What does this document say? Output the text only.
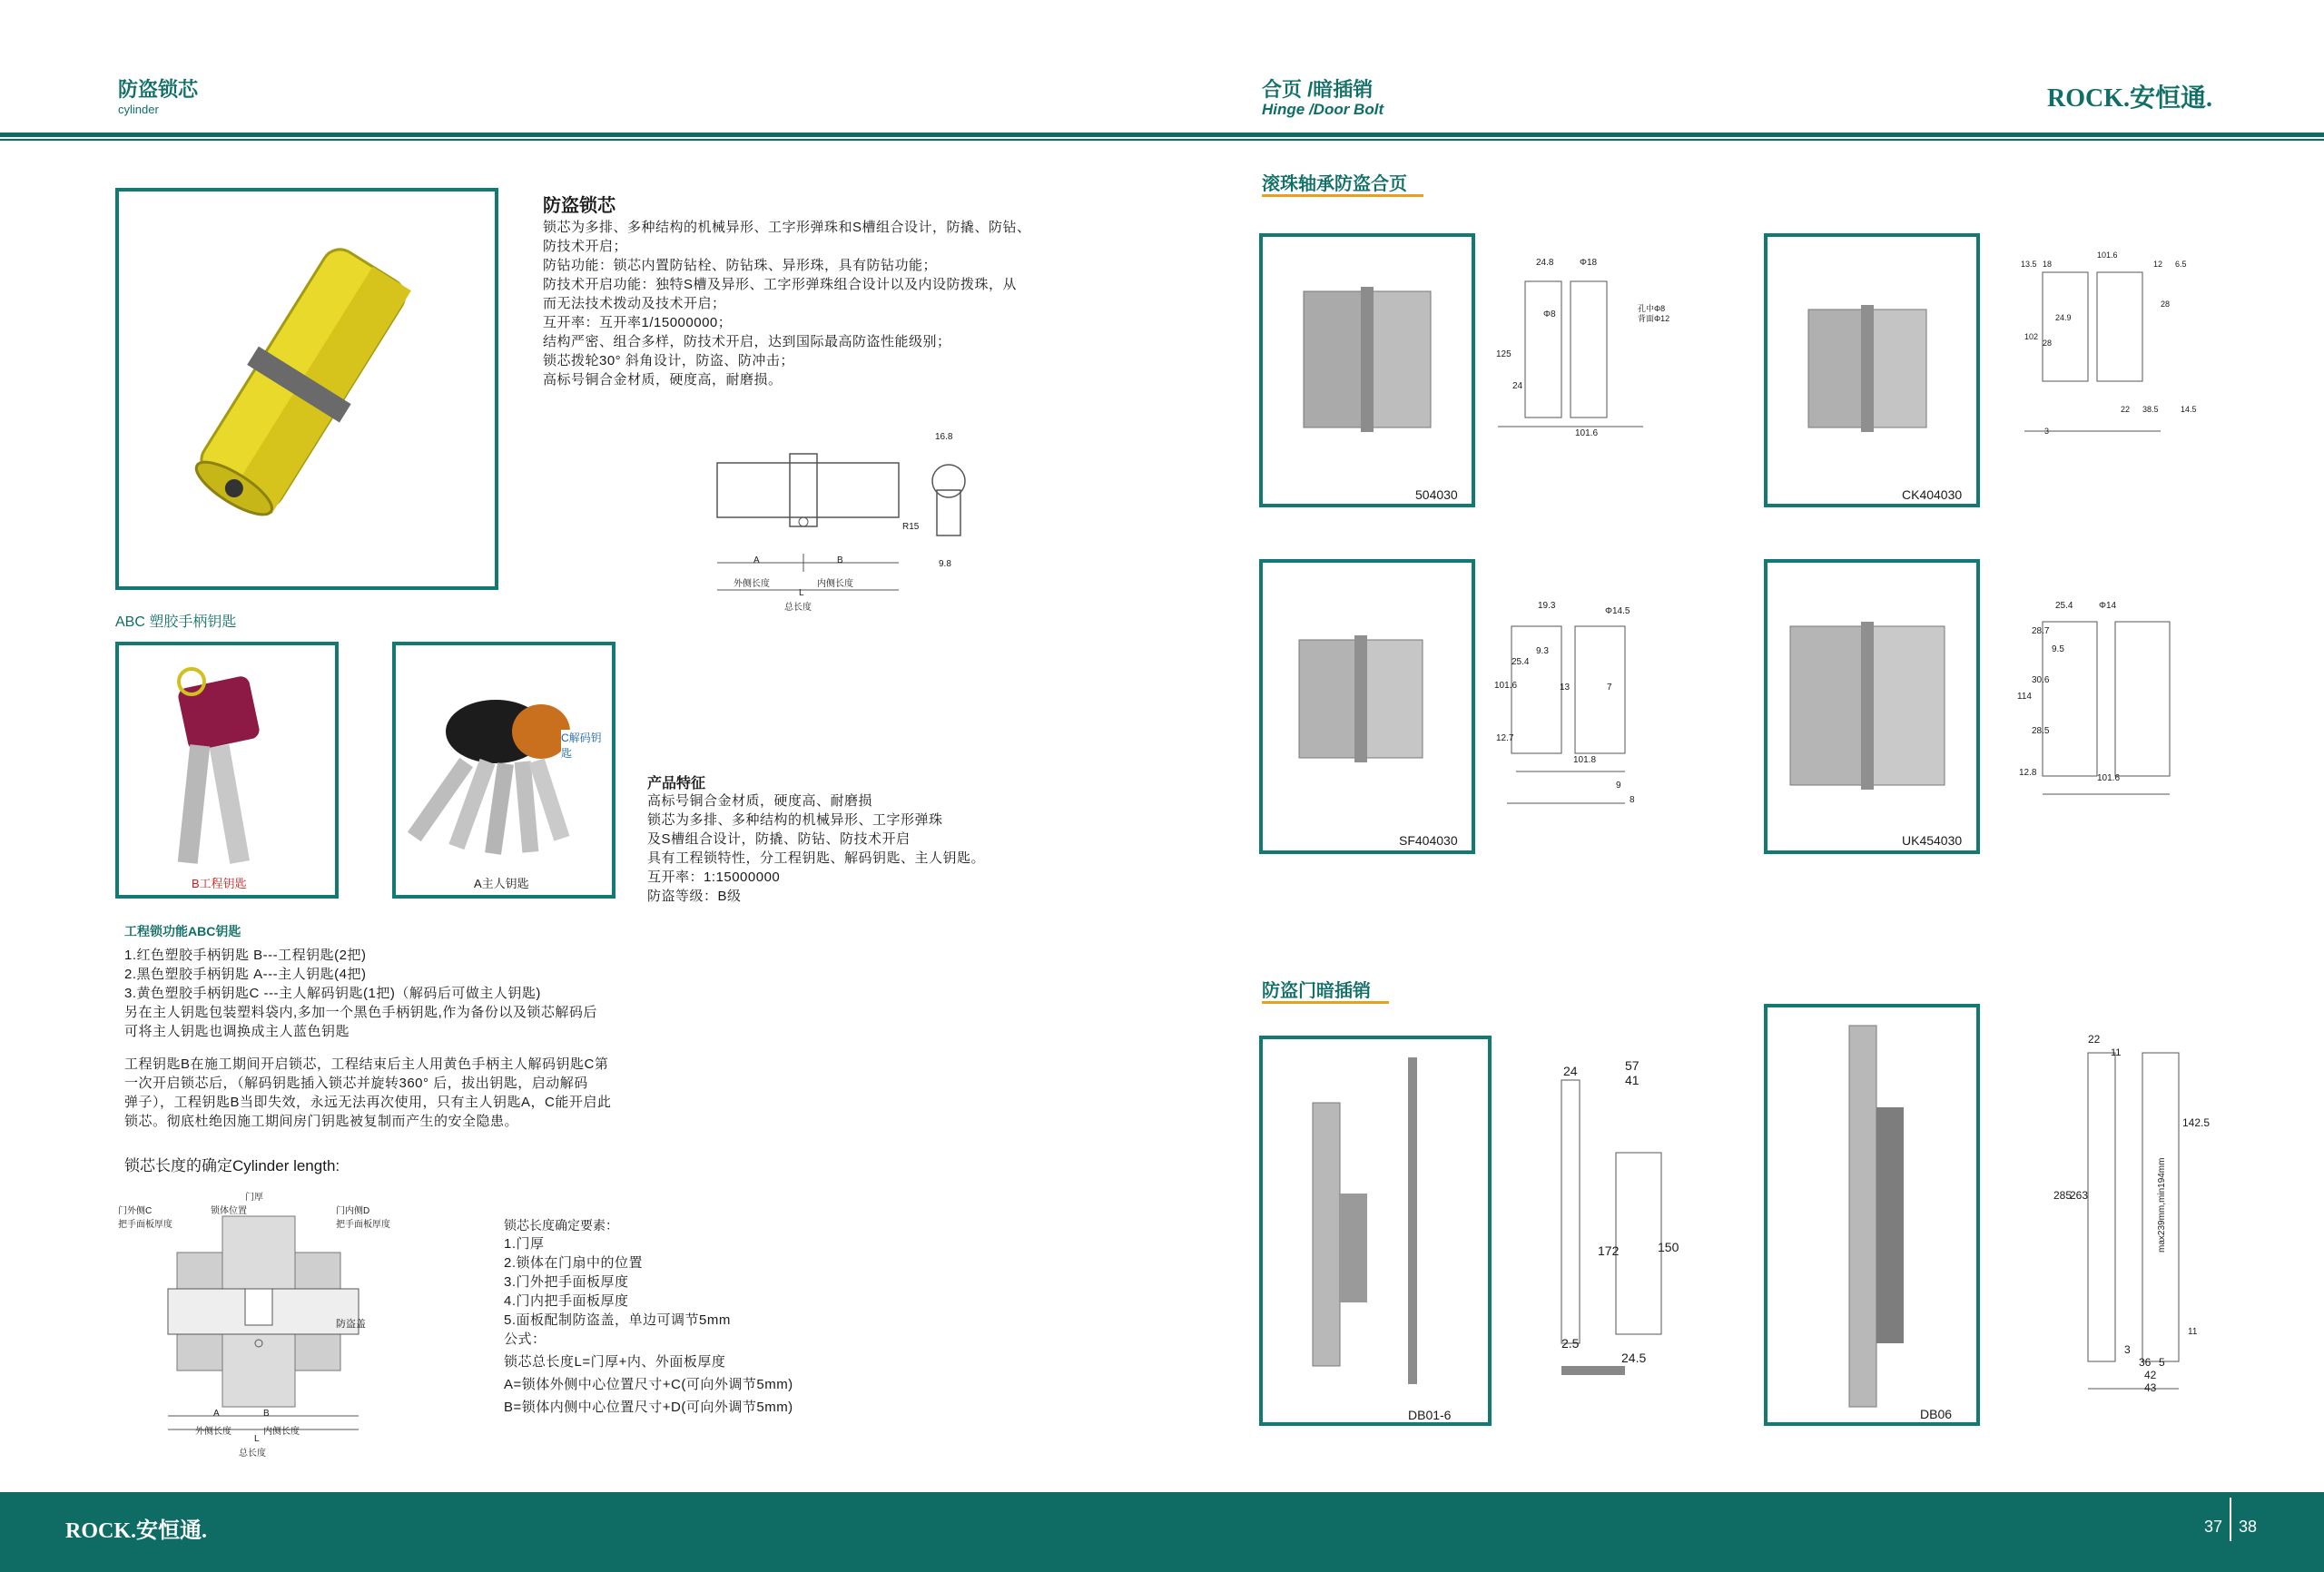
防盗锁芯
cylinder
合页 /暗插销
Hinge /Door Bolt	ROCK.安恒通.
防盗锁芯
锁芯为多排、多种结构的机械异形、工字形弹珠和S槽组合设计，防撬、防钻、
防技术开启；
防钻功能：锁芯内置防钻栓、防钻珠、异形珠，具有防钻功能；
防技术开启功能：独特S槽及异形、工字形弹珠组合设计以及内设防拨珠，从
而无法技术拨动及技术开启；
互开率：互开率1/15000000；
结构严密、组合多样，防技术开启，达到国际最高防盗性能级别；
锁芯拨轮30° 斜角设计，防盗、防冲击；
高标号铜合金材质，硬度高，耐磨损。
16.8
R15
9.8
A	B
外侧长度	内侧长度
L
总长度
ABC 塑胶手柄钥匙
B工程钥匙
C解码钥匙
A主人钥匙
产品特征
高标号铜合金材质，硬度高、耐磨损
锁芯为多排、多种结构的机械异形、工字形弹珠
及S槽组合设计，防撬、防钻、防技术开启
具有工程锁特性，分工程钥匙、解码钥匙、主人钥匙。
互开率：1:15000000
防盗等级：B级
工程锁功能ABC钥匙
1.红色塑胶手柄钥匙 B---工程钥匙(2把)
2.黑色塑胶手柄钥匙 A---主人钥匙(4把)
3.黄色塑胶手柄钥匙C ---主人解码钥匙(1把)（解码后可做主人钥匙)
另在主人钥匙包装塑料袋内,多加一个黑色手柄钥匙,作为备份以及锁芯解码后
可将主人钥匙也调换成主人蓝色钥匙
工程钥匙B在施工期间开启锁芯，工程结束后主人用黄色手柄主人解码钥匙C第
一次开启锁芯后，（解码钥匙插入锁芯并旋转360° 后，拔出钥匙，启动解码
弹子），工程钥匙B当即失效，永远无法再次使用，只有主人钥匙A，C能开启此
锁芯。彻底杜绝因施工期间房门钥匙被复制而产生的安全隐患。
锁芯长度的确定Cylinder length:
门外侧C
把手面板厚度
门厚
锁体位置	门内侧D
把手面板厚度
防盗盖
A	B
外侧长度	内侧长度
L
总长度
锁芯长度确定要素：
1.门厚
2.锁体在门扇中的位置
3.门外把手面板厚度
4.门内把手面板厚度
5.面板配制防盗盖，单边可调节5mm
公式：
锁芯总长度L=门厚+内、外面板厚度
A=锁体外侧中心位置尺寸+C(可向外调节5mm)
B=锁体内侧中心位置尺寸+D(可向外调节5mm)
滚珠轴承防盗合页
504030
24.8	Φ18
Φ8
孔中Φ8
背面Φ12
125
24
101.6
CK404030
13.5 18
101.6
12 6.5
28
24.9
102
22 38.5	14.5
3
28
SF404030
19.3
Φ14.5
9.3
25.4
101.6
12.7
13	7
101.8
9
8
UK454030
25.4	Φ14
9.5
28.7
30.6
114
28.5
12.8
101.6
防盗门暗插销
DB01-6
24	57
41
172	150
2.5
24.5
DB06
22
11
285
263	max239mm,min194mm
142.5
11
3
36 5
42
43
ROCK.安恒通.	37 38
